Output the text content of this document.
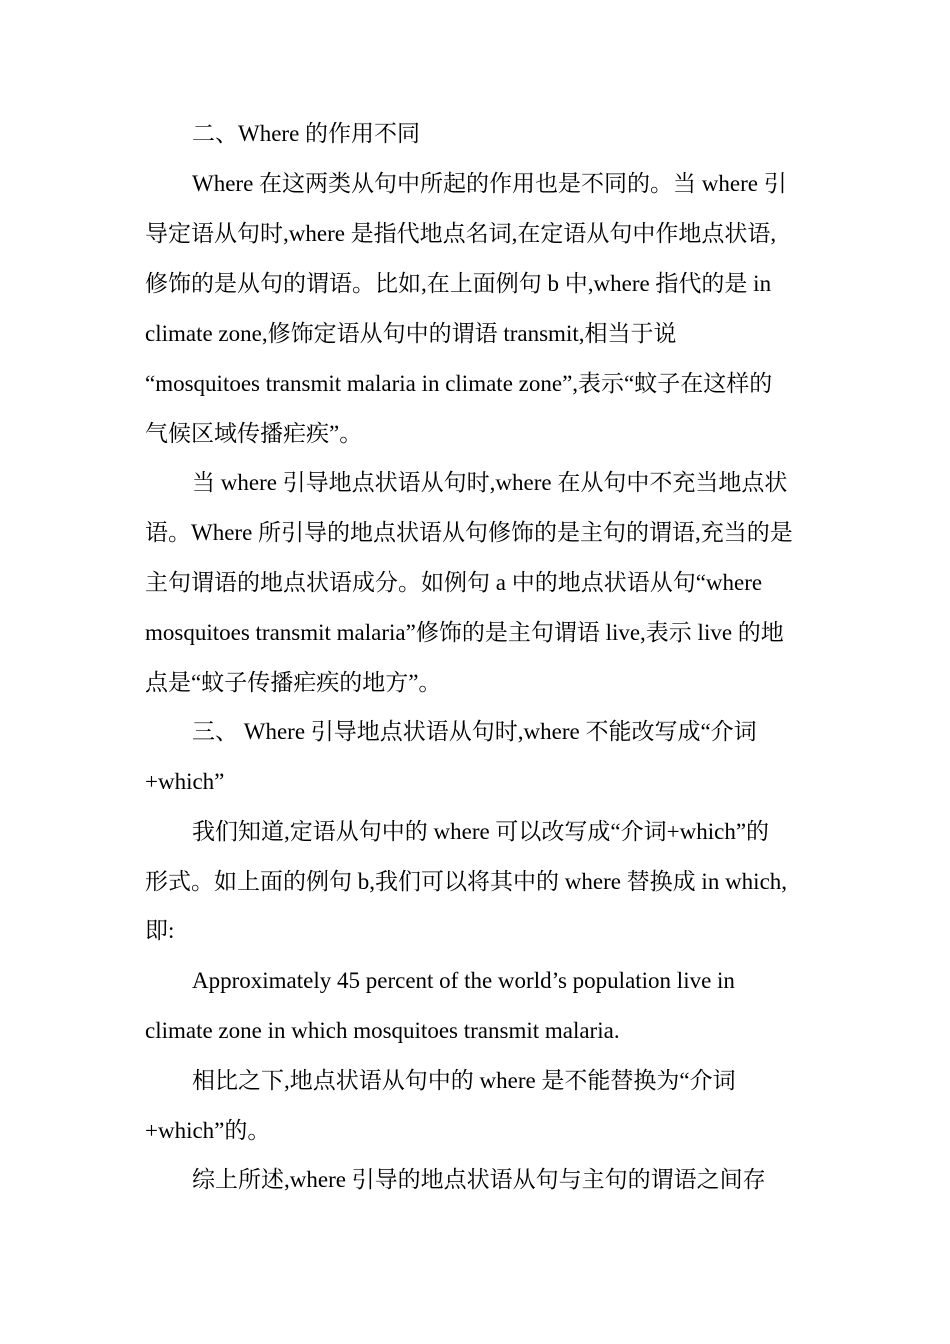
二、Where 的作用不同
Where 在这两类从句中所起的作用也是不同的。当 where 引
导定语从句时,where 是指代地点名词,在定语从句中作地点状语,
修饰的是从句的谓语。比如,在上面例句 b 中,where 指代的是 in
climate zone,修饰定语从句中的谓语 transmit,相当于说
“mosquitoes transmit malaria in climate zone”,表示“蚊子在这样的
气候区域传播疟疾”。
当 where 引导地点状语从句时,where 在从句中不充当地点状
语。Where 所引导的地点状语从句修饰的是主句的谓语,充当的是
主句谓语的地点状语成分。如例句 a 中的地点状语从句“where
mosquitoes transmit malaria”修饰的是主句谓语 live,表示 live 的地
点是“蚊子传播疟疾的地方”。
三、 Where 引导地点状语从句时,where 不能改写成“介词
+which”
我们知道,定语从句中的 where 可以改写成“介词+which”的
形式。如上面的例句 b,我们可以将其中的 where 替换成 in which,
即:
Approximately 45 percent of the world’s population live in
climate zone in which mosquitoes transmit malaria.
相比之下,地点状语从句中的 where 是不能替换为“介词
+which”的。
综上所述,where 引导的地点状语从句与主句的谓语之间存
